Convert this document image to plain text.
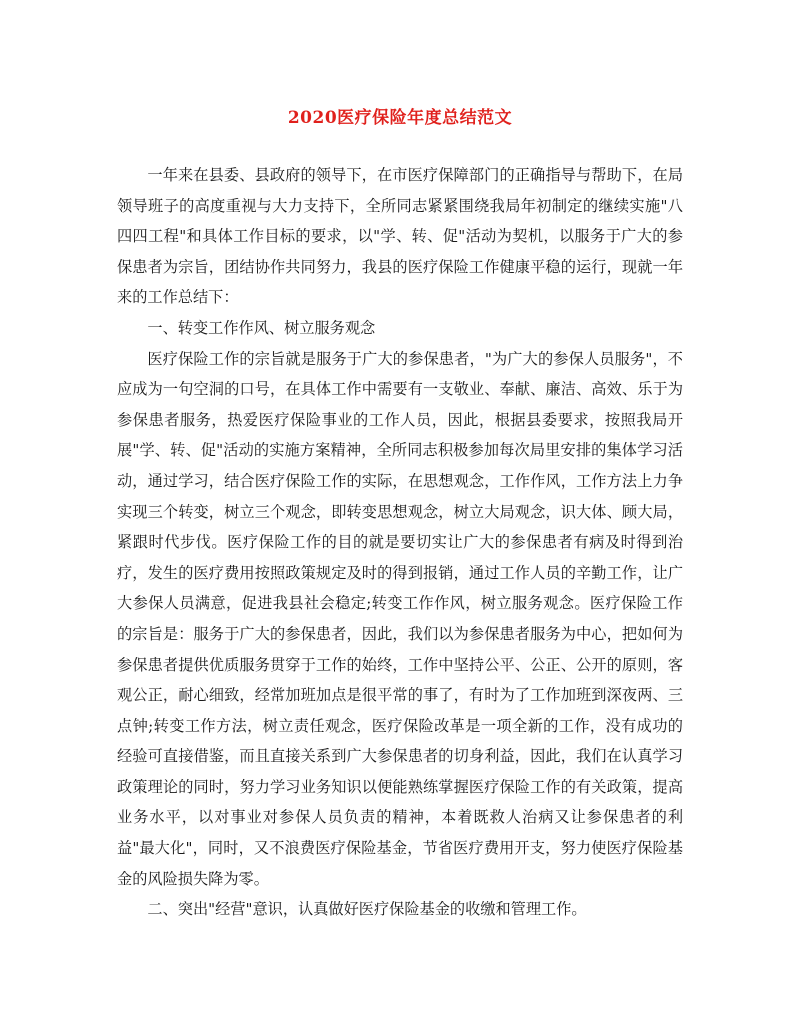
2020医疗保险年度总结范文

一年来在县委、县政府的领导下，在市医疗保障部门的正确指导与帮助下，在局领导班子的高度重视与大力支持下，全所同志紧紧围绕我局年初制定的继续实施"八四四工程"和具体工作目标的要求，以"学、转、促"活动为契机，以服务于广大的参保患者为宗旨，团结协作共同努力，我县的医疗保险工作健康平稳的运行，现就一年来的工作总结下：

一、转变工作作风、树立服务观念

医疗保险工作的宗旨就是服务于广大的参保患者，"为广大的参保人员服务"，不应成为一句空洞的口号，在具体工作中需要有一支敬业、奉献、廉洁、高效、乐于为参保患者服务，热爱医疗保险事业的工作人员，因此，根据县委要求，按照我局开展"学、转、促"活动的实施方案精神，全所同志积极参加每次局里安排的集体学习活动，通过学习，结合医疗保险工作的实际，在思想观念，工作作风，工作方法上力争实现三个转变，树立三个观念，即转变思想观念，树立大局观念，识大体、顾大局，紧跟时代步伐。医疗保险工作的目的就是要切实让广大的参保患者有病及时得到治疗，发生的医疗费用按照政策规定及时的得到报销，通过工作人员的辛勤工作，让广大参保人员满意，促进我县社会稳定;转变工作作风，树立服务观念。医疗保险工作的宗旨是：服务于广大的参保患者，因此，我们以为参保患者服务为中心，把如何为参保患者提供优质服务贯穿于工作的始终，工作中坚持公平、公正、公开的原则，客观公正，耐心细致，经常加班加点是很平常的事了，有时为了工作加班到深夜两、三点钟;转变工作方法，树立责任观念，医疗保险改革是一项全新的工作，没有成功的经验可直接借鉴，而且直接关系到广大参保患者的切身利益，因此，我们在认真学习政策理论的同时，努力学习业务知识以便能熟练掌握医疗保险工作的有关政策，提高业务水平，以对事业对参保人员负责的精神，本着既救人治病又让参保患者的利益"最大化"，同时，又不浪费医疗保险基金，节省医疗费用开支，努力使医疗保险基金的风险损失降为零。

二、突出"经营"意识，认真做好医疗保险基金的收缴和管理工作。
